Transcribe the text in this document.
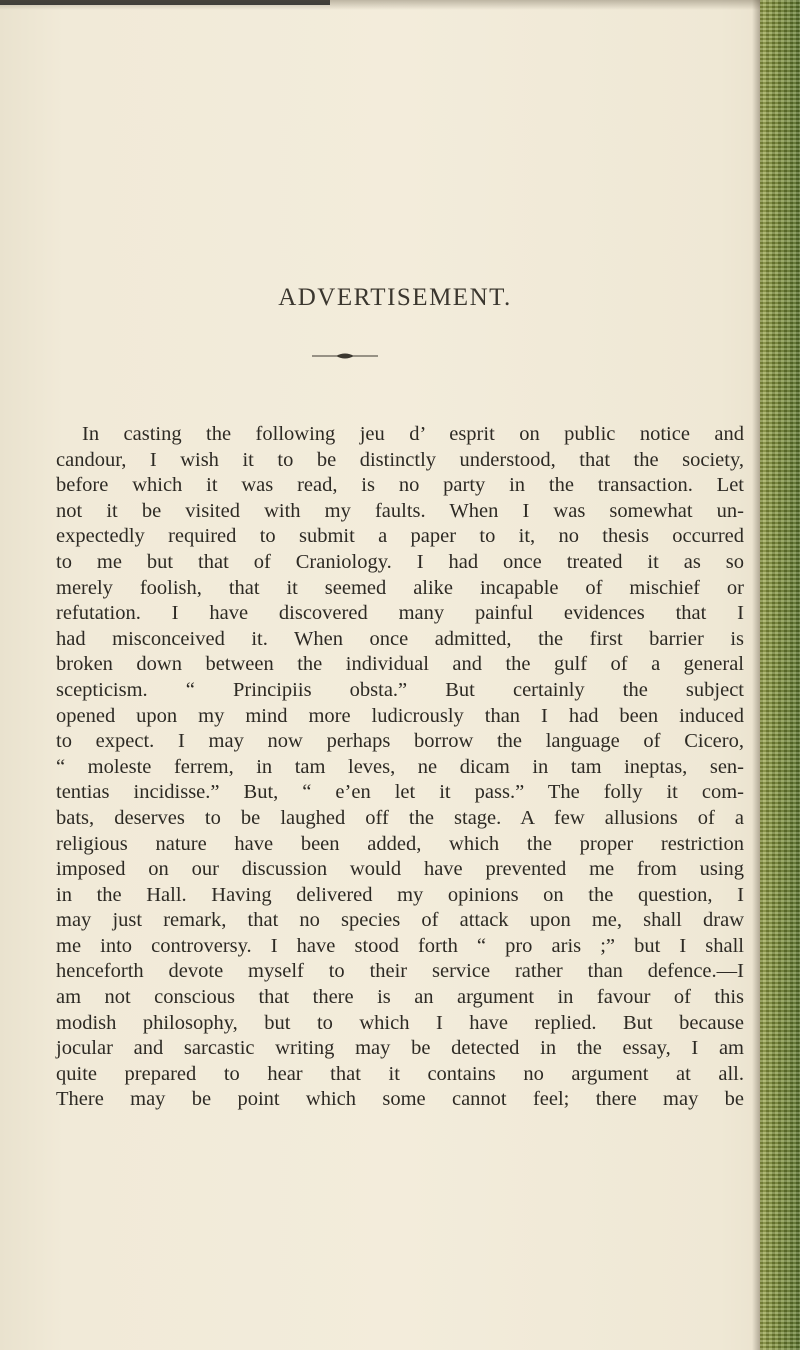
ADVERTISEMENT.
In casting the following jeu d’ esprit on public notice and
candour, I wish it to be distinctly understood, that the society,
before which it was read, is no party in the transaction. Let
not it be visited with my faults. When I was somewhat un-
expectedly required to submit a paper to it, no thesis occurred
to me but that of Craniology. I had once treated it as so
merely foolish, that it seemed alike incapable of mischief or
refutation. I have discovered many painful evidences that I
had misconceived it. When once admitted, the first barrier is
broken down between the individual and the gulf of a general
scepticism. “ Principiis obsta.” But certainly the subject
opened upon my mind more ludicrously than I had been induced
to expect. I may now perhaps borrow the language of Cicero,
“ moleste ferrem, in tam leves, ne dicam in tam ineptas, sen-
tentias incidisse.” But, “ e’en let it pass.” The folly it com-
bats, deserves to be laughed off the stage. A few allusions of a
religious nature have been added, which the proper restriction
imposed on our discussion would have prevented me from using
in the Hall. Having delivered my opinions on the question, I
may just remark, that no species of attack upon me, shall draw
me into controversy. I have stood forth “ pro aris ;” but I shall
henceforth devote myself to their service rather than defence.—I
am not conscious that there is an argument in favour of this
modish philosophy, but to which I have replied. But because
jocular and sarcastic writing may be detected in the essay, I am
quite prepared to hear that it contains no argument at all.
There may be point which some cannot feel; there may be
